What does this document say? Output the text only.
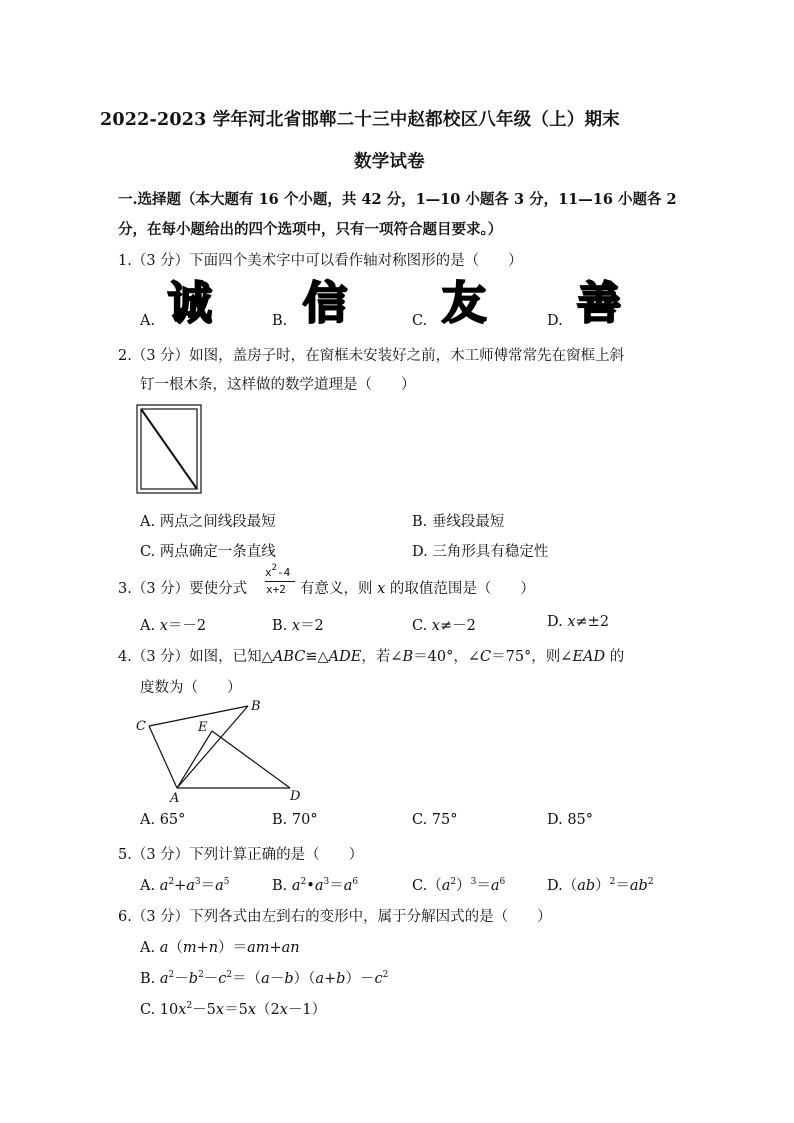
2022-2023 学年河北省邯郸二十三中赵都校区八年级（上）期末
数学试卷
一.选择题（本大题有 16 个小题，共 42 分，1—10 小题各 3 分，11—16 小题各 2
分，在每小题给出的四个选项中，只有一项符合题目要求。）
1.（3 分）下面四个美术字中可以看作轴对称图形的是（　　）
A. 诚	B. 信	C. 友	D. 善
2.（3 分）如图，盖房子时，在窗框未安装好之前，木工师傅常常先在窗框上斜
钉一根木条，这样做的数学道理是（　　）
A. 两点之间线段最短	B. 垂线段最短
C. 两点确定一条直线	D. 三角形具有稳定性
3.（3 分）要使分式
$x^2-4$
x+2 有意义，则 x 的取值范围是（　　）
A. x＝－2	B. x＝2	C. x≠－2	D. x≠±2
4.（3 分）如图，已知△ABC≌△ADE，若∠B＝40°，∠C＝75°，则∠EAD 的
度数为（　　）
C
B
E
A	D
A. 65°	B. 70°	C. 75°	D. 85°
5.（3 分）下列计算正确的是（　　）
A. $a^2+a^3=a^5$	B. $a^2•a^3=a^6$	$C.(a^2)^3=a^6$	$D.(ab)^2=ab^2$
6.（3 分）下列各式由左到右的变形中，属于分解因式的是（　　）
A. a（m+n）＝am+an
B. $a^2-b^2-c^2=(a-b)(a+b)-c^2$
C. $10x^2-5x=5x(2x-1)$
